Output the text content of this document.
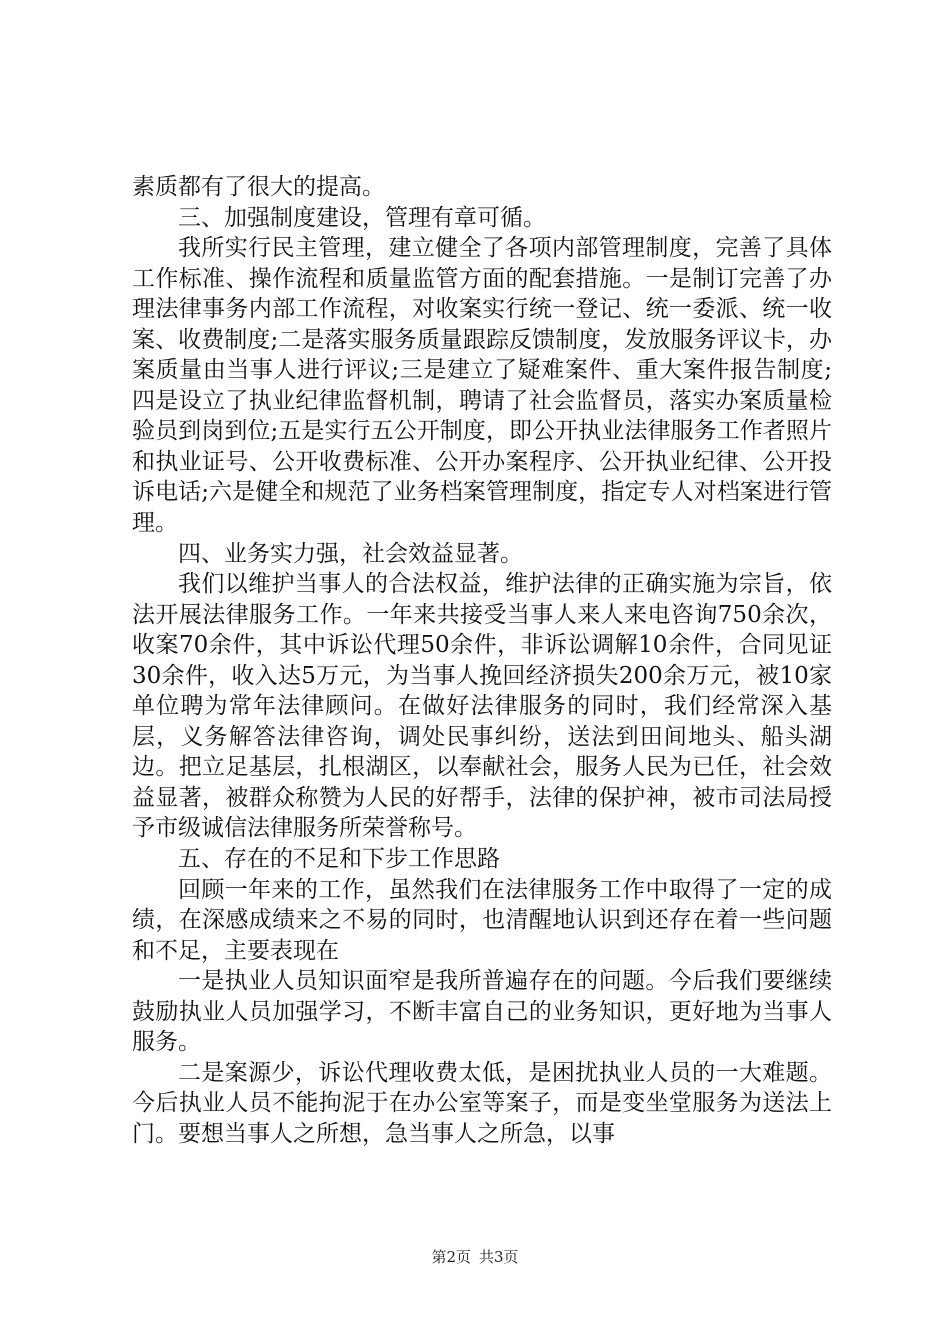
素质都有了很大的提高。

三、加强制度建设，管理有章可循。

我所实行民主管理，建立健全了各项内部管理制度，完善了具体工作标准、操作流程和质量监管方面的配套措施。一是制订完善了办理法律事务内部工作流程，对收案实行统一登记、统一委派、统一收案、收费制度;二是落实服务质量跟踪反馈制度，发放服务评议卡，办案质量由当事人进行评议;三是建立了疑难案件、重大案件报告制度;四是设立了执业纪律监督机制，聘请了社会监督员，落实办案质量检验员到岗到位;五是实行五公开制度，即公开执业法律服务工作者照片和执业证号、公开收费标准、公开办案程序、公开执业纪律、公开投诉电话;六是健全和规范了业务档案管理制度，指定专人对档案进行管理。

四、业务实力强，社会效益显著。

我们以维护当事人的合法权益，维护法律的正确实施为宗旨，依法开展法律服务工作。一年来共接受当事人来人来电咨询750余次，收案70余件，其中诉讼代理50余件，非诉讼调解10余件，合同见证30余件，收入达5万元，为当事人挽回经济损失200余万元，被10家单位聘为常年法律顾问。在做好法律服务的同时，我们经常深入基层，义务解答法律咨询，调处民事纠纷，送法到田间地头、船头湖边。把立足基层，扎根湖区，以奉献社会，服务人民为已任，社会效益显著，被群众称赞为人民的好帮手，法律的保护神，被市司法局授予市级诚信法律服务所荣誉称号。

五、存在的不足和下步工作思路

回顾一年来的工作，虽然我们在法律服务工作中取得了一定的成绩，在深感成绩来之不易的同时，也清醒地认识到还存在着一些问题和不足，主要表现在

一是执业人员知识面窄是我所普遍存在的问题。今后我们要继续鼓励执业人员加强学习，不断丰富自己的业务知识，更好地为当事人服务。

二是案源少，诉讼代理收费太低，是困扰执业人员的一大难题。今后执业人员不能拘泥于在办公室等案子，而是变坐堂服务为送法上门。要想当事人之所想，急当事人之所急，以事

第2页 共3页
